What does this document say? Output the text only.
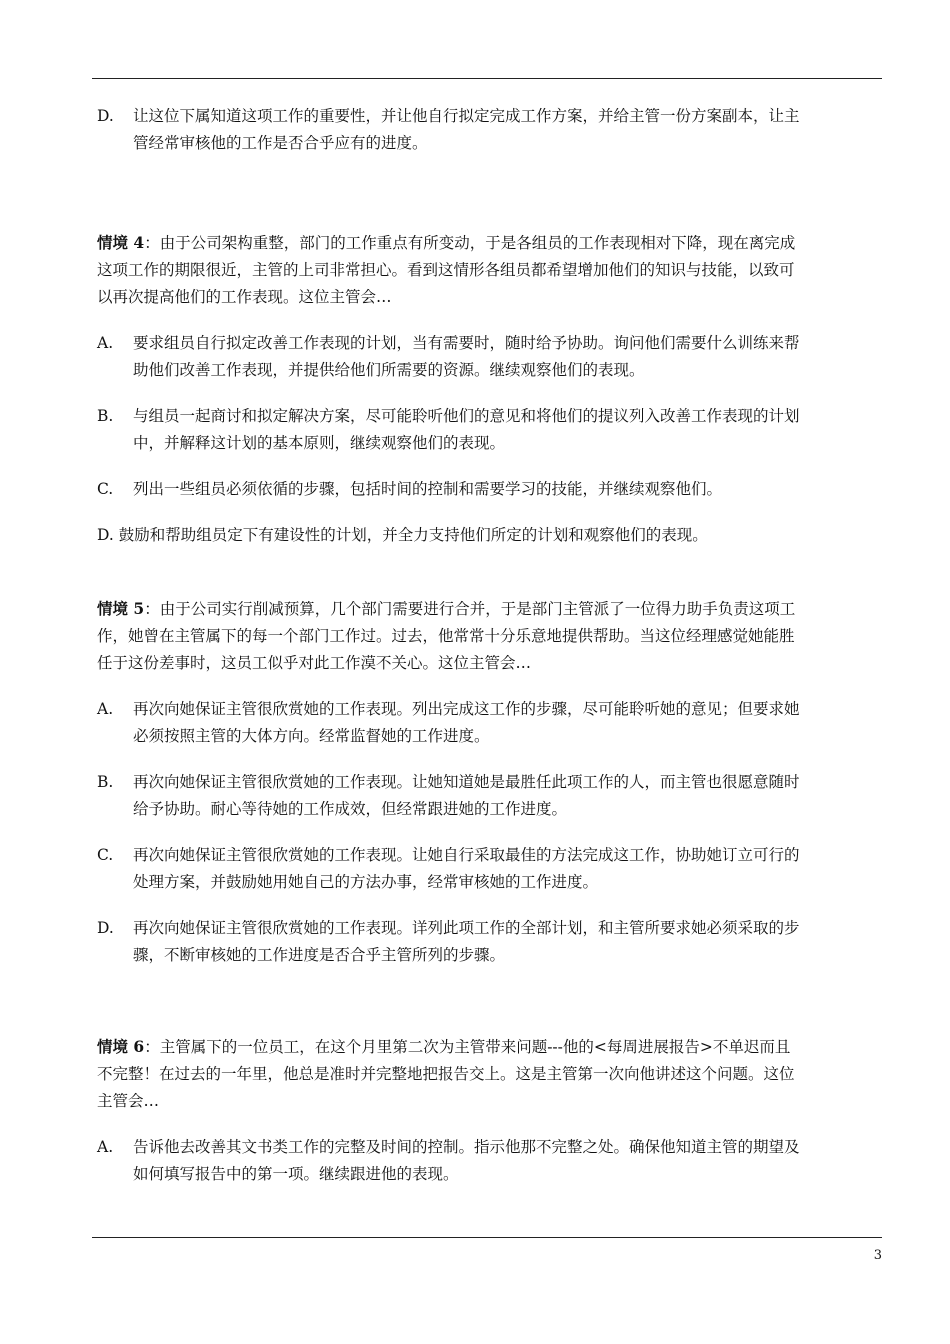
D. 让这位下属知道这项工作的重要性，并让他自行拟定完成工作方案，并给主管一份方案副本，让主管经常审核他的工作是否合乎应有的进度。

情境 4：由于公司架构重整，部门的工作重点有所变动，于是各组员的工作表现相对下降，现在离完成这项工作的期限很近，主管的上司非常担心。看到这情形各组员都希望增加他们的知识与技能，以致可以再次提高他们的工作表现。这位主管会…

A. 要求组员自行拟定改善工作表现的计划，当有需要时，随时给予协助。询问他们需要什么训练来帮助他们改善工作表现，并提供给他们所需要的资源。继续观察他们的表现。
B. 与组员一起商讨和拟定解决方案，尽可能聆听他们的意见和将他们的提议列入改善工作表现的计划中，并解释这计划的基本原则，继续观察他们的表现。
C. 列出一些组员必须依循的步骤，包括时间的控制和需要学习的技能，并继续观察他们。

D. 鼓励和帮助组员定下有建设性的计划，并全力支持他们所定的计划和观察他们的表现。

情境 5：由于公司实行削减预算，几个部门需要进行合并，于是部门主管派了一位得力助手负责这项工作，她曾在主管属下的每一个部门工作过。过去，他常常十分乐意地提供帮助。当这位经理感觉她能胜任于这份差事时，这员工似乎对此工作漠不关心。这位主管会…

A. 再次向她保证主管很欣赏她的工作表现。列出完成这工作的步骤，尽可能聆听她的意见；但要求她必须按照主管的大体方向。经常监督她的工作进度。
B. 再次向她保证主管很欣赏她的工作表现。让她知道她是最胜任此项工作的人，而主管也很愿意随时给予协助。耐心等待她的工作成效，但经常跟进她的工作进度。
C. 再次向她保证主管很欣赏她的工作表现。让她自行采取最佳的方法完成这工作，协助她订立可行的处理方案，并鼓励她用她自己的方法办事，经常审核她的工作进度。
D. 再次向她保证主管很欣赏她的工作表现。详列此项工作的全部计划，和主管所要求她必须采取的步骤，不断审核她的工作进度是否合乎主管所列的步骤。

情境 6：主管属下的一位员工，在这个月里第二次为主管带来问题---他的<每周进展报告>不单迟而且不完整！在过去的一年里，他总是准时并完整地把报告交上。这是主管第一次向他讲述这个问题。这位主管会…

A. 告诉他去改善其文书类工作的完整及时间的控制。指示他那不完整之处。确保他知道主管的期望及如何填写报告中的第一项。继续跟进他的表现。
3
